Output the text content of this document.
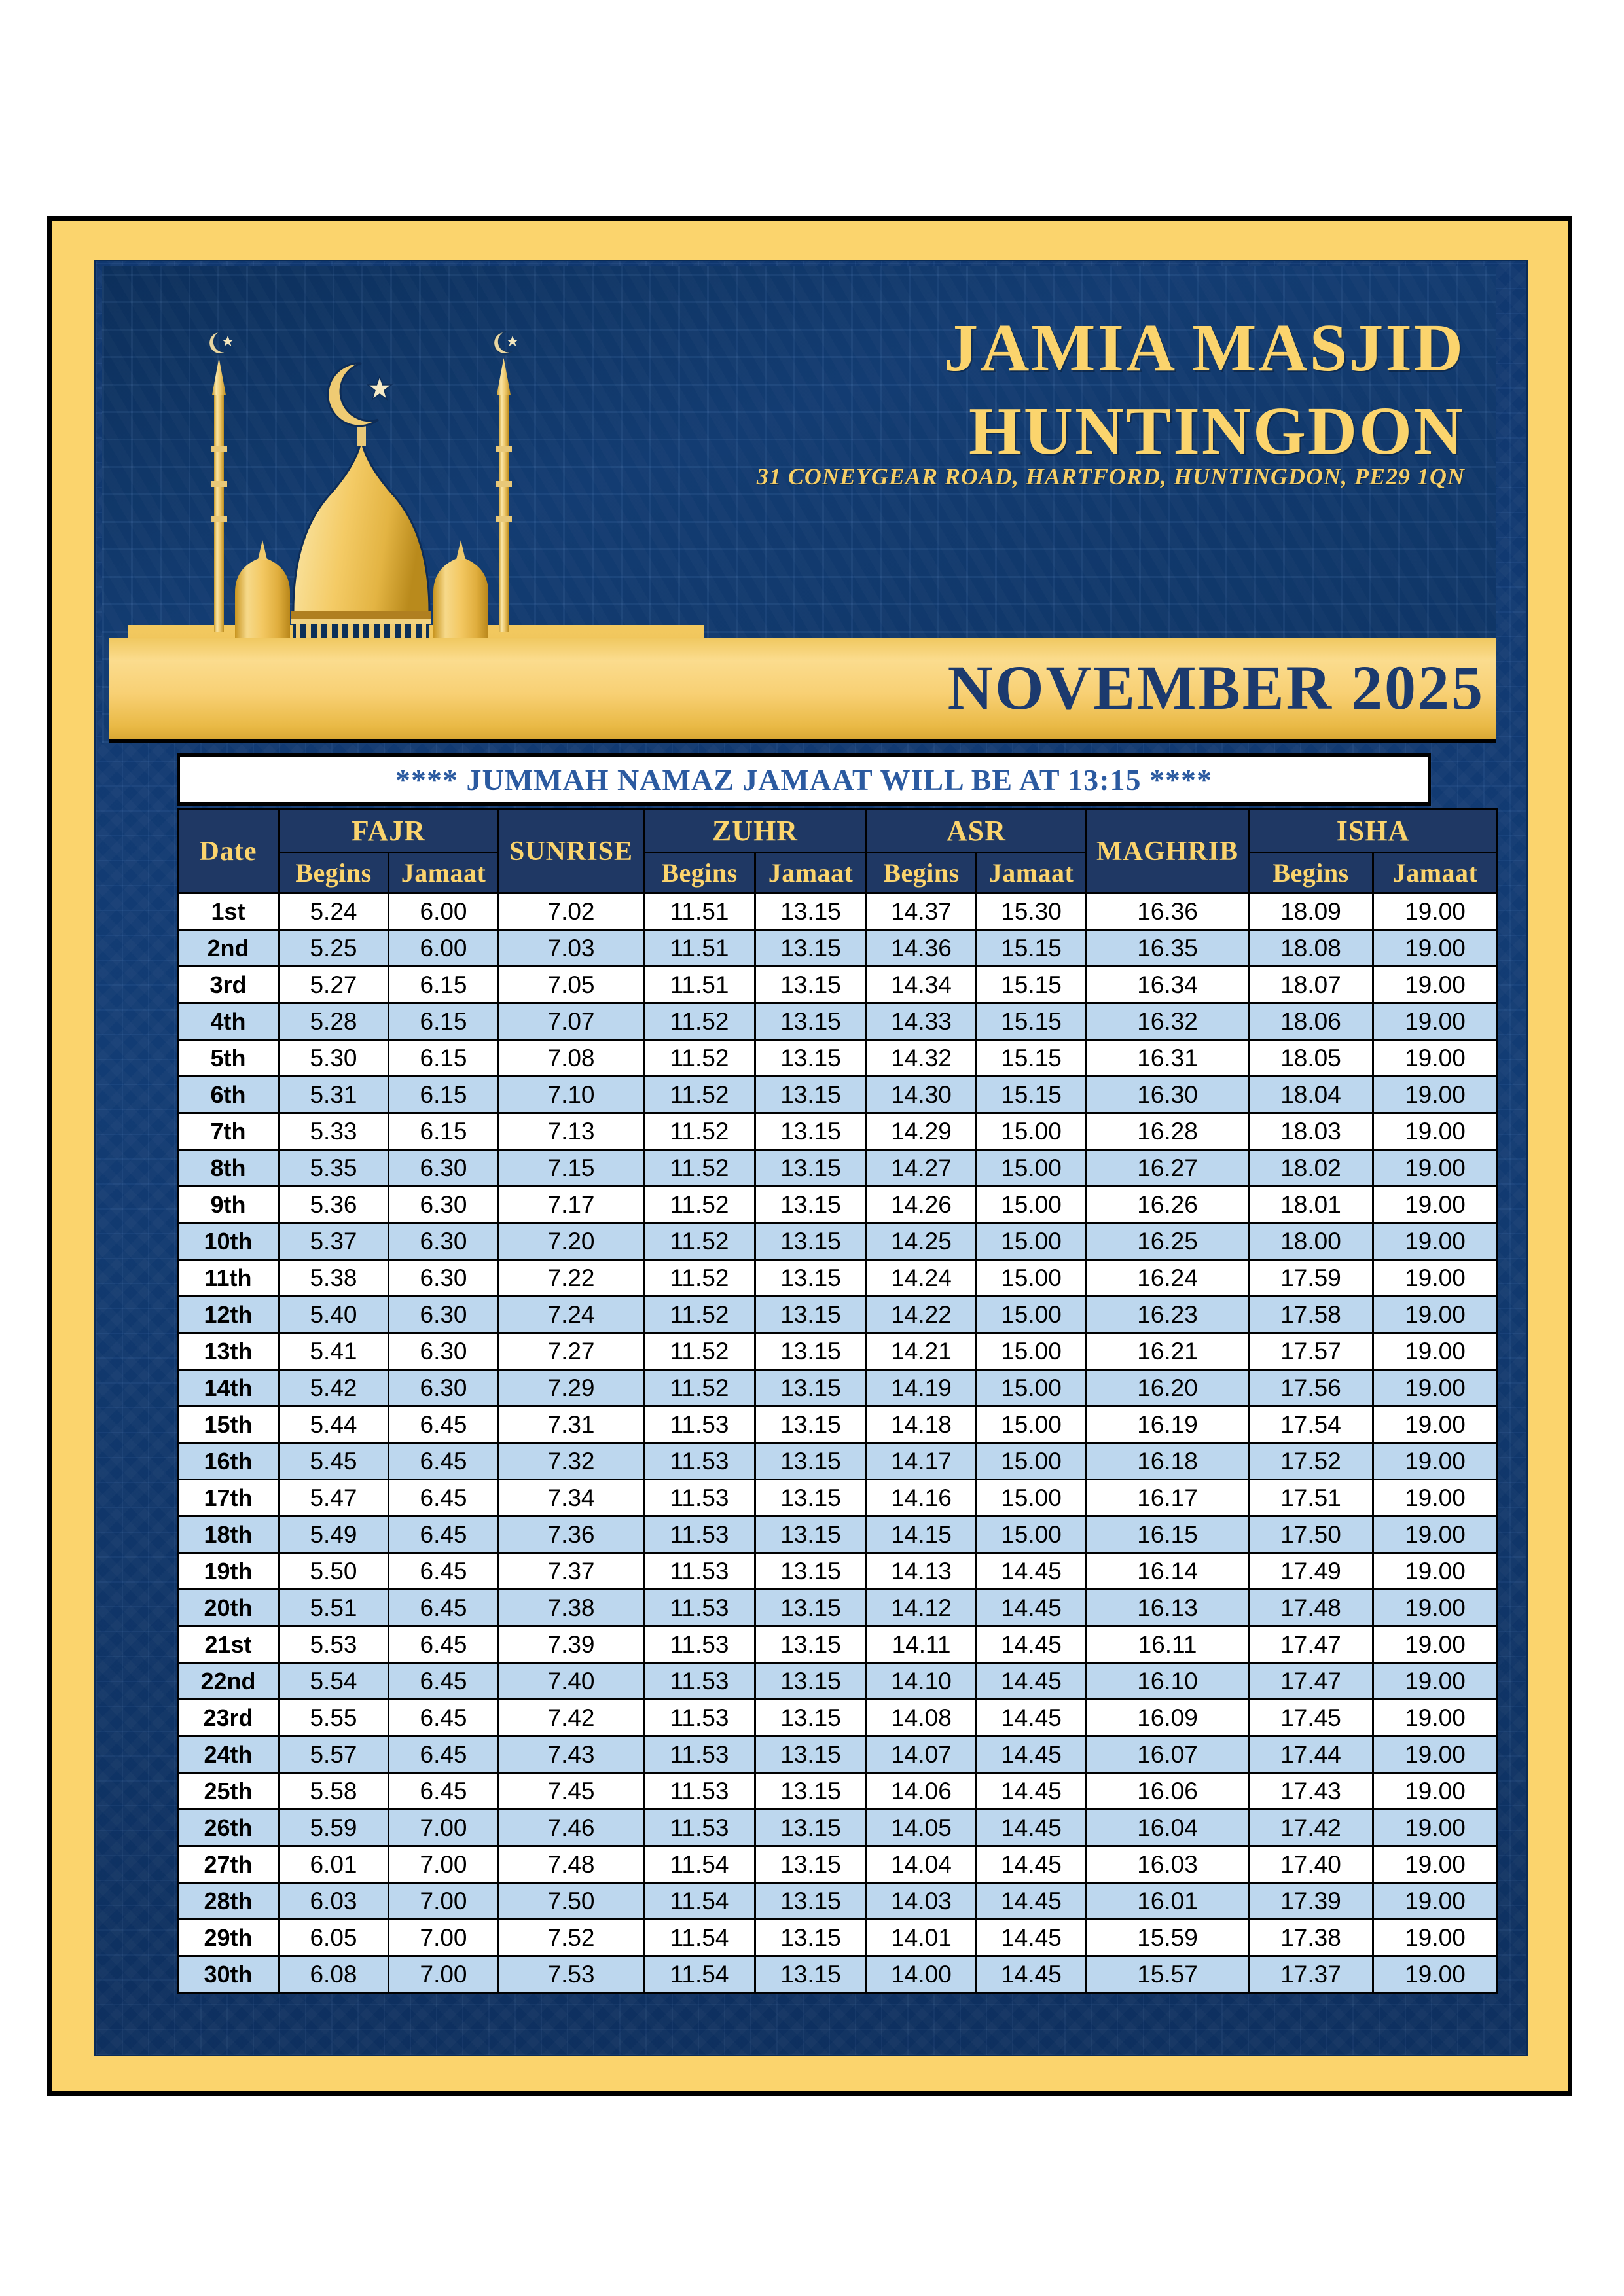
JAMIA MASJID
HUNTINGDON
31 CONEYGEAR ROAD, HARTFORD, HUNTINGDON, PE29 1QN
NOVEMBER 2025
**** JUMMAH NAMAZ JAMAAT WILL BE AT 13:15 ****
Date	FAJR		SUNRISE	ZUHR		ASR		MAGHRIB	ISHA	
	Begins	Jamaat		Begins	Jamaat	Begins	Jamaat		Begins	Jamaat
1st	5.24	6.00	7.02	11.51	13.15	14.37	15.30	16.36	18.09	19.00
2nd	5.25	6.00	7.03	11.51	13.15	14.36	15.15	16.35	18.08	19.00
3rd	5.27	6.15	7.05	11.51	13.15	14.34	15.15	16.34	18.07	19.00
4th	5.28	6.15	7.07	11.52	13.15	14.33	15.15	16.32	18.06	19.00
5th	5.30	6.15	7.08	11.52	13.15	14.32	15.15	16.31	18.05	19.00
6th	5.31	6.15	7.10	11.52	13.15	14.30	15.15	16.30	18.04	19.00
7th	5.33	6.15	7.13	11.52	13.15	14.29	15.00	16.28	18.03	19.00
8th	5.35	6.30	7.15	11.52	13.15	14.27	15.00	16.27	18.02	19.00
9th	5.36	6.30	7.17	11.52	13.15	14.26	15.00	16.26	18.01	19.00
10th	5.37	6.30	7.20	11.52	13.15	14.25	15.00	16.25	18.00	19.00
11th	5.38	6.30	7.22	11.52	13.15	14.24	15.00	16.24	17.59	19.00
12th	5.40	6.30	7.24	11.52	13.15	14.22	15.00	16.23	17.58	19.00
13th	5.41	6.30	7.27	11.52	13.15	14.21	15.00	16.21	17.57	19.00
14th	5.42	6.30	7.29	11.52	13.15	14.19	15.00	16.20	17.56	19.00
15th	5.44	6.45	7.31	11.53	13.15	14.18	15.00	16.19	17.54	19.00
16th	5.45	6.45	7.32	11.53	13.15	14.17	15.00	16.18	17.52	19.00
17th	5.47	6.45	7.34	11.53	13.15	14.16	15.00	16.17	17.51	19.00
18th	5.49	6.45	7.36	11.53	13.15	14.15	15.00	16.15	17.50	19.00
19th	5.50	6.45	7.37	11.53	13.15	14.13	14.45	16.14	17.49	19.00
20th	5.51	6.45	7.38	11.53	13.15	14.12	14.45	16.13	17.48	19.00
21st	5.53	6.45	7.39	11.53	13.15	14.11	14.45	16.11	17.47	19.00
22nd	5.54	6.45	7.40	11.53	13.15	14.10	14.45	16.10	17.47	19.00
23rd	5.55	6.45	7.42	11.53	13.15	14.08	14.45	16.09	17.45	19.00
24th	5.57	6.45	7.43	11.53	13.15	14.07	14.45	16.07	17.44	19.00
25th	5.58	6.45	7.45	11.53	13.15	14.06	14.45	16.06	17.43	19.00
26th	5.59	7.00	7.46	11.53	13.15	14.05	14.45	16.04	17.42	19.00
27th	6.01	7.00	7.48	11.54	13.15	14.04	14.45	16.03	17.40	19.00
28th	6.03	7.00	7.50	11.54	13.15	14.03	14.45	16.01	17.39	19.00
29th	6.05	7.00	7.52	11.54	13.15	14.01	14.45	15.59	17.38	19.00
30th	6.08	7.00	7.53	11.54	13.15	14.00	14.45	15.57	17.37	19.00
